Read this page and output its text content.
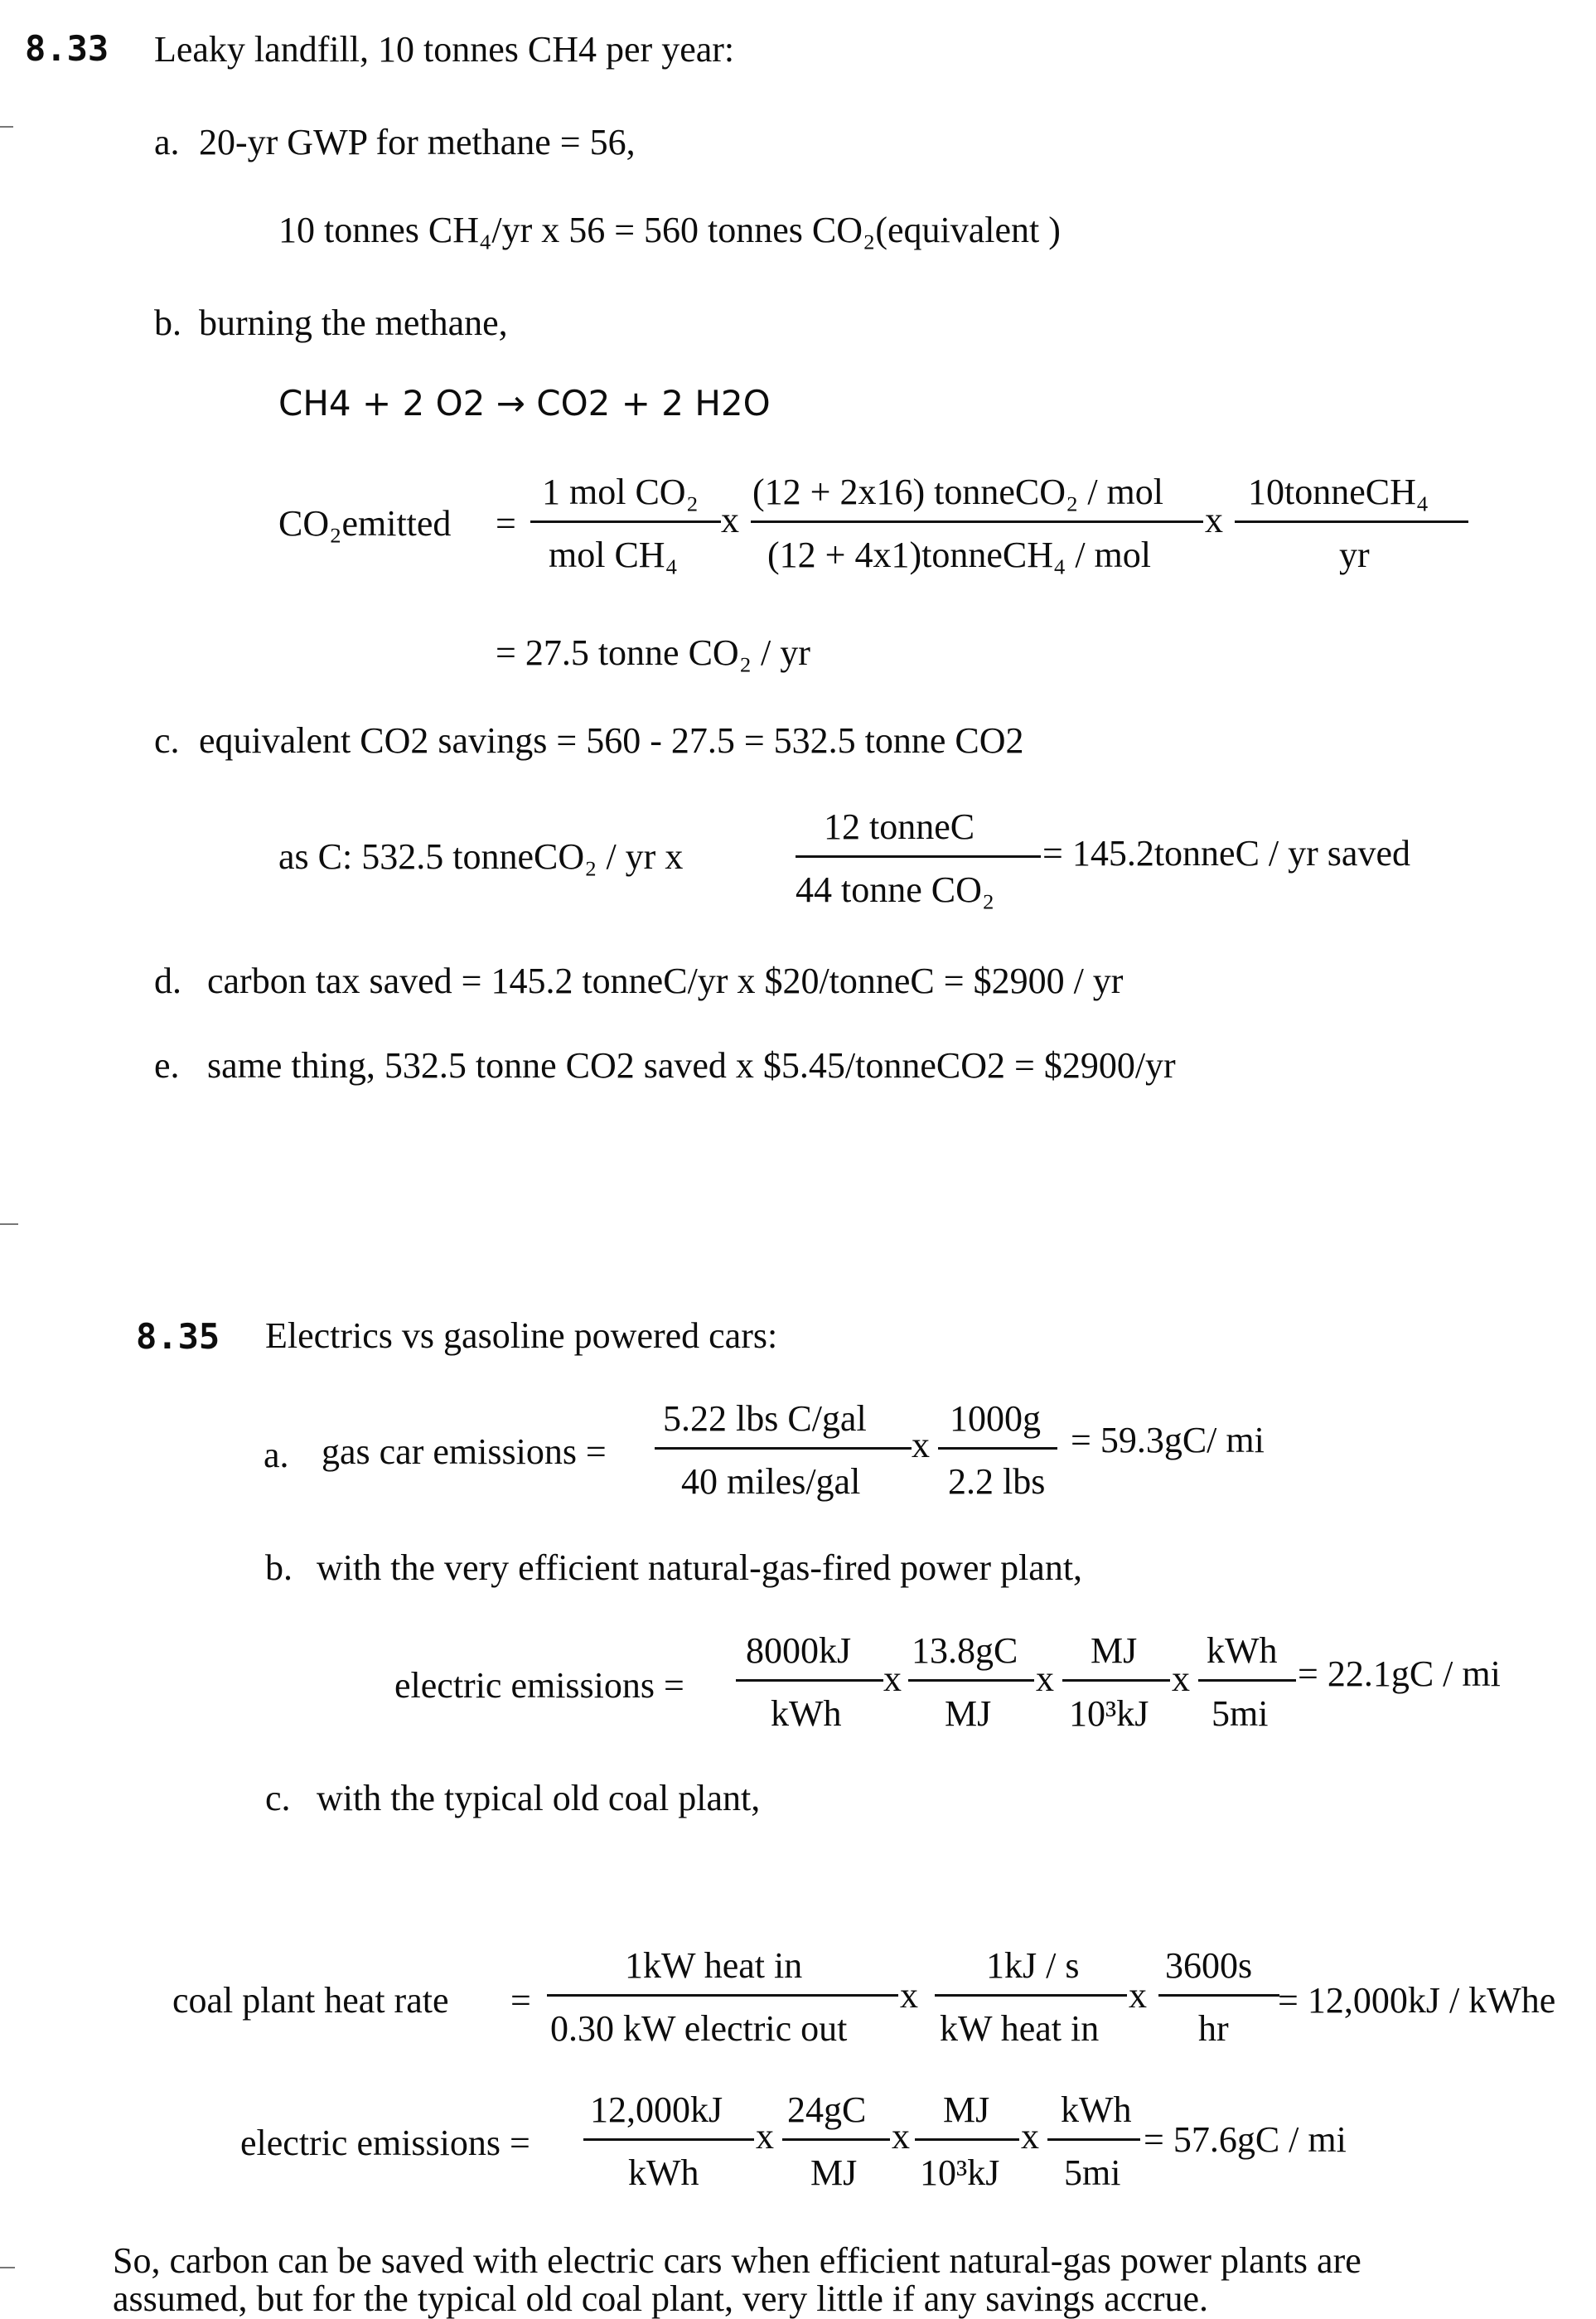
8.33 Leaky landfill, 10 tonnes CH4 per year:
a. 20-yr GWP for methane = 56,
10 tonnes CH₄/yr x 56 = 560 tonnes CO₂(equivalent )
b. burning the methane,
CH4 + 2 O2 → CO2 + 2 H2O
CO₂emitted =
1 mol CO₂
mol CH₄
x
(12 + 2x16) tonneCO₂ / mol
(12 + 4x1)tonneCH₄ / mol
x
10tonneCH₄
yr
= 27.5 tonne CO₂ / yr
c. equivalent CO2 savings = 560 - 27.5 = 532.5 tonne CO2
as C: 532.5 tonneCO₂ / yr x
12 tonneC
44 tonne CO₂
= 145.2tonneC / yr saved
d. carbon tax saved = 145.2 tonneC/yr x $20/tonneC = $2900 / yr
e. same thing, 532.5 tonne CO2 saved x $5.45/tonneCO2 = $2900/yr
8.35 Electrics vs gasoline powered cars:
a. gas car emissions =
5.22 lbs C/gal
40 miles/gal
1000g
2.2 lbs
= 59.3gC/ mi
b. with the very efficient natural-gas-fired power plant,
electric emissions =
8000kJ
kWh
13.8gC
MJ
MJ
10³kJ
kWh
5mi
= 22.1gC / mi
c. with the typical old coal plant,
coal plant heat rate =
1kW heat in
0.30 kW electric out
x
1kJ / s
kW heat in
x
3600s
hr
= 12,000kJ / kWhe
electric emissions =
12,000kJ
kWh
24gC
MJ
MJ
10³kJ
kWh
5mi
= 57.6gC / mi
So, carbon can be saved with electric cars when efficient natural-gas power plants are
assumed, but for the typical old coal plant, very little if any savings accrue.
x
x	x	x
x	x	x
